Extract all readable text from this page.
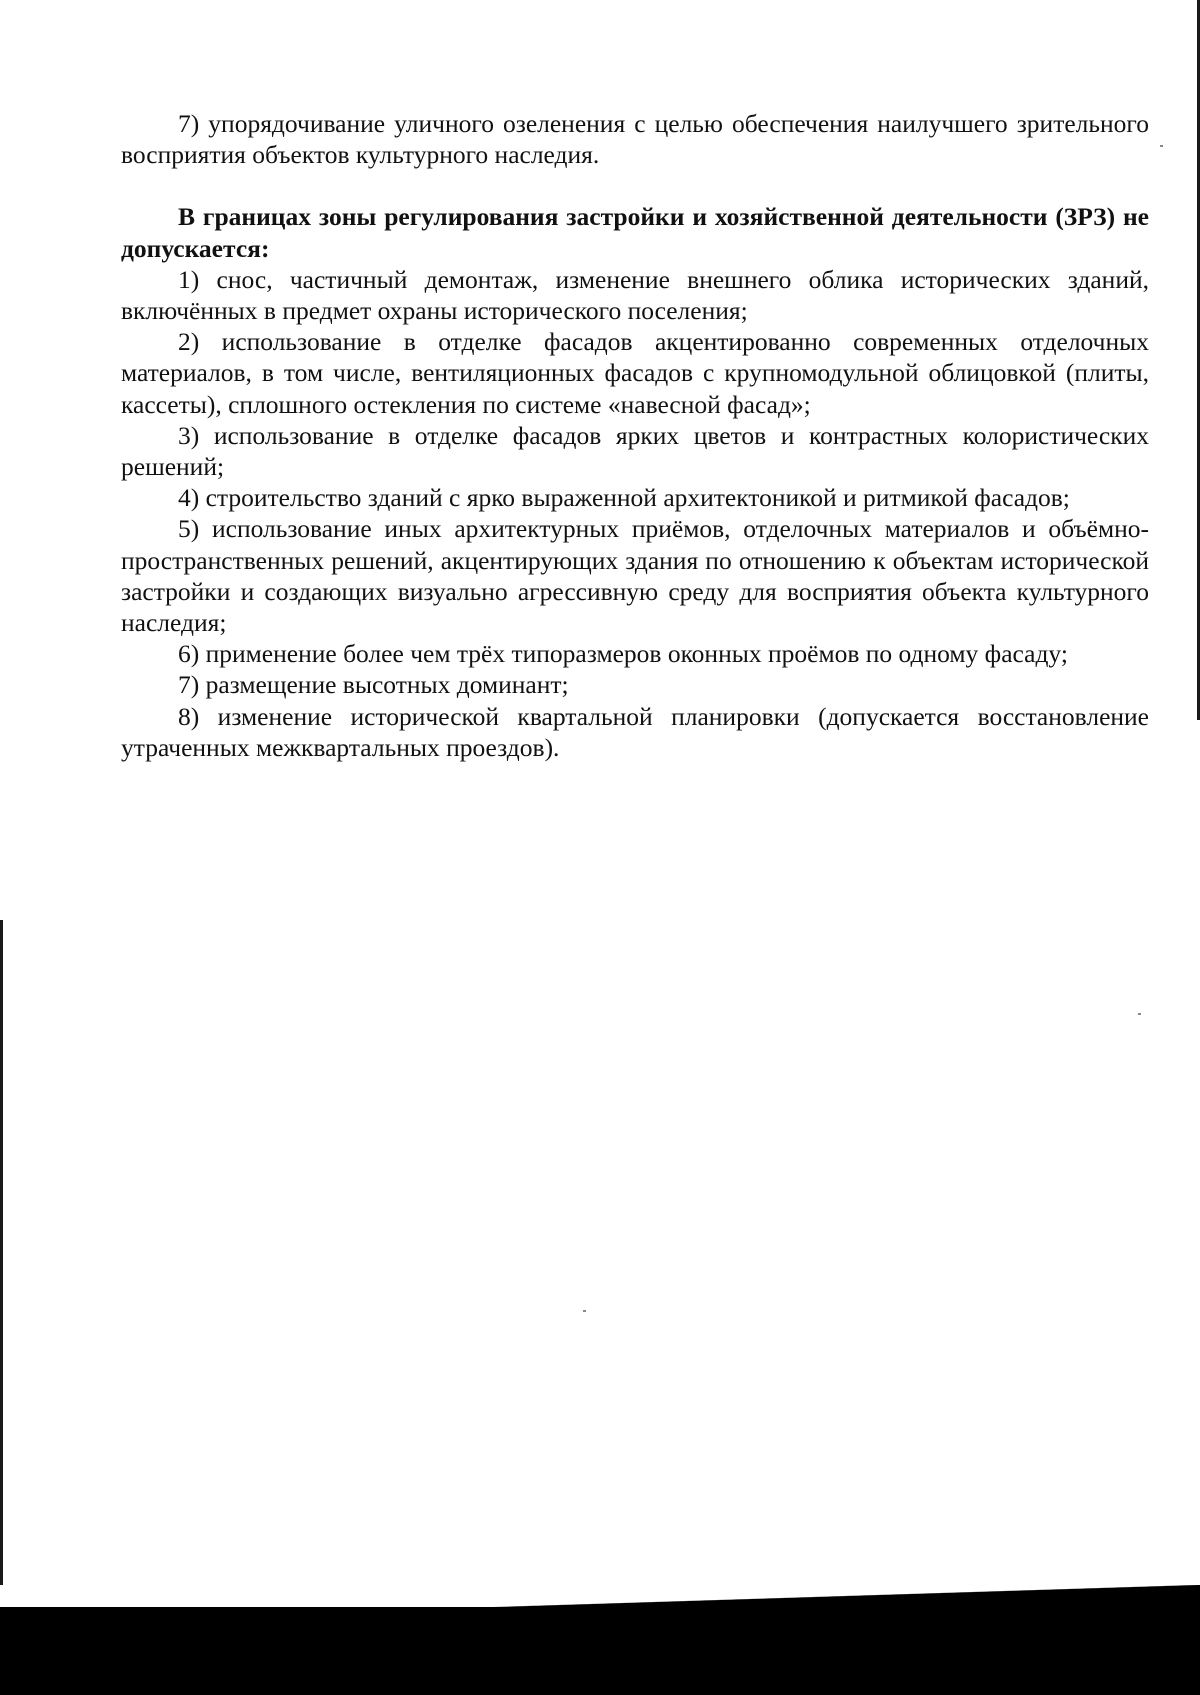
7) упорядочивание уличного озеленения с целью обеспечения наилучшего зрительного восприятия объектов культурного наследия.

В границах зоны регулирования застройки и хозяйственной деятельности (ЗРЗ) не допускается:

1) снос, частичный демонтаж, изменение внешнего облика исторических зданий, включённых в предмет охраны исторического поселения;

2) использование в отделке фасадов акцентированно современных отделочных материалов, в том числе, вентиляционных фасадов с крупномодульной облицовкой (плиты, кассеты), сплошного остекления по системе «навесной фасад»;

3) использование в отделке фасадов ярких цветов и контрастных колористических решений;

4) строительство зданий с ярко выраженной архитектоникой и ритмикой фасадов;

5) использование иных архитектурных приёмов, отделочных материалов и объёмно- пространственных решений, акцентирующих здания по отношению к объектам исторической застройки и создающих визуально агрессивную среду для восприятия объекта культурного наследия;

6) применение более чем трёх типоразмеров оконных проёмов по одному фасаду;

7) размещение высотных доминант;

8) изменение исторической квартальной планировки (допускается восстановление утраченных межквартальных проездов).
